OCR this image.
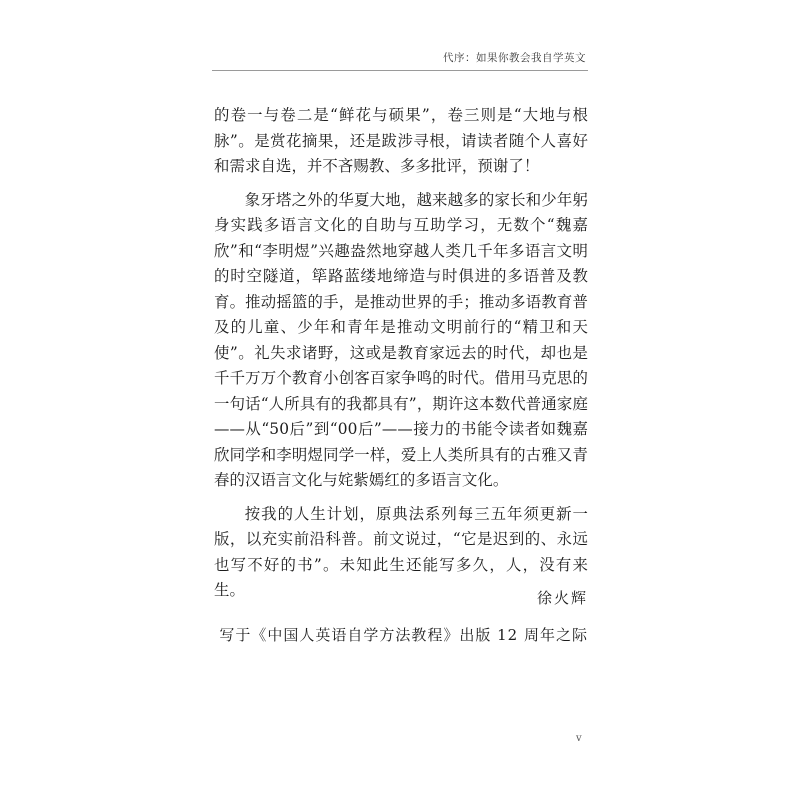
代序：如果你教会我自学英文

的卷一与卷二是“鲜花与硕果”，卷三则是“大地与根脉”。是赏花摘果，还是跋涉寻根，请读者随个人喜好和需求自选，并不吝赐教、多多批评，预谢了！

象牙塔之外的华夏大地，越来越多的家长和少年躬身实践多语言文化的自助与互助学习，无数个“魏嘉欣”和“李明煜”兴趣盎然地穿越人类几千年多语言文明的时空隧道，筚路蓝缕地缔造与时俱进的多语普及教育。推动摇篮的手，是推动世界的手；推动多语教育普及的儿童、少年和青年是推动文明前行的“精卫和天使”。礼失求诸野，这或是教育家远去的时代，却也是千千万万个教育小创客百家争鸣的时代。借用马克思的一句话“人所具有的我都具有”，期许这本数代普通家庭——从“50后”到“00后”——接力的书能令读者如魏嘉欣同学和李明煜同学一样，爱上人类所具有的古雅又青春的汉语言文化与姹紫嫣红的多语言文化。

按我的人生计划，原典法系列每三五年须更新一版，以充实前沿科普。前文说过，“它是迟到的、永远也写不好的书”。未知此生还能写多久，人，没有来生。	徐火辉
写于《中国人英语自学方法教程》出版 12 周年之际
v
